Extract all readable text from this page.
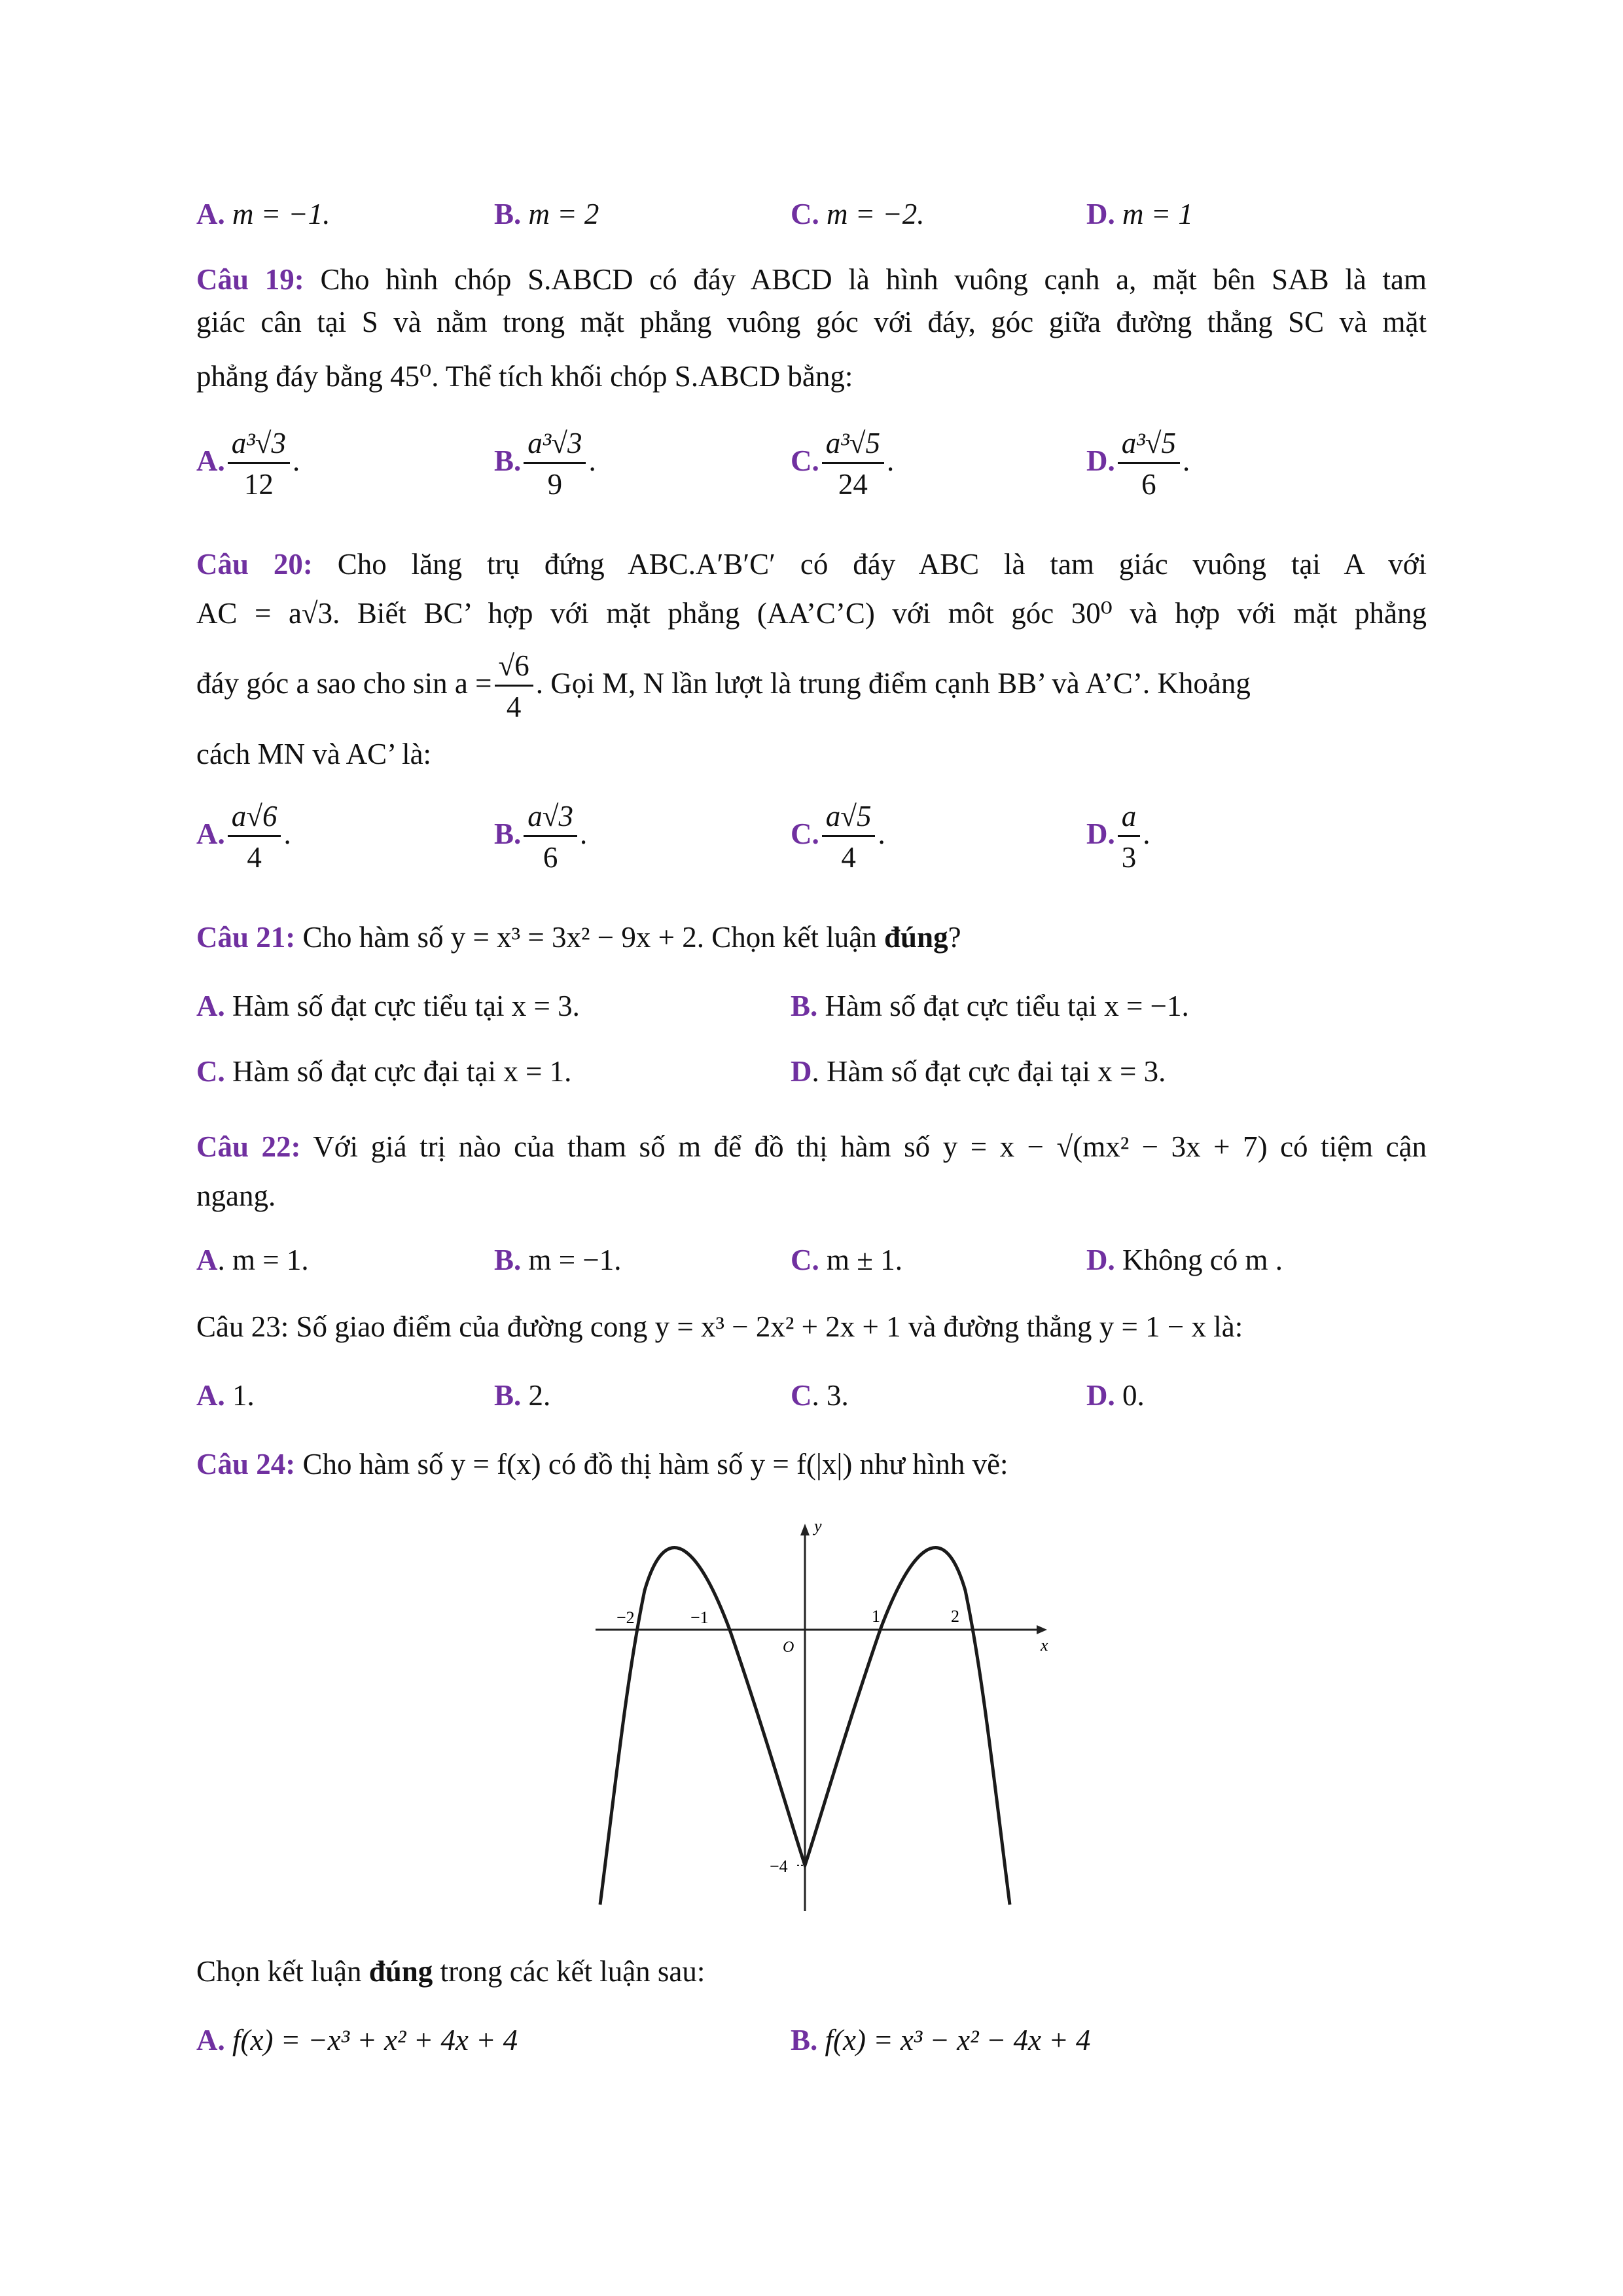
A. m = −1.	B. m = 2	C. m = −2.	D. m = 1
Câu 19: Cho hình chóp S.ABCD có đáy ABCD là hình vuông cạnh a, mặt bên SAB là tam
giác cân tại S và nằm trong mặt phẳng vuông góc với đáy, góc giữa đường thẳng SC và mặt
phẳng đáy bằng 45⁰. Thể tích khối chóp S.ABCD bằng:
A. $\frac{\text{a³√3}}{12}$ .	B. $\frac{\text{a³√3}}{9}$ .	C. $\frac{\text{a³√5}}{24}$ .	D. $\frac{\text{a³√5}}{6}$ .
Câu 20: Cho lăng trụ đứng ABC.A′B′C′ có đáy ABC là tam giác vuông tại A với
AC = a√3. Biết BC’ hợp với mặt phẳng (AA’C’C) với môt góc 30⁰ và hợp với mặt phẳng
đáy góc a sao cho $\sin a = \frac{√6}{4}$ . Gọi M, N lần lượt là trung điểm cạnh BB’ và A’C’. Khoảng
cách MN và AC’ là:
A. $\frac{a√6}{4}$ .	B. $\frac{a√3}{6}$ .	C. $\frac{a√5}{4}$ .	D. $\frac{a}{3}$ .
Câu 21: Cho hàm số y = x³ = 3x² − 9x + 2. Chọn kết luận đúng?
A. Hàm số đạt cực tiểu tại x = 3.	B. Hàm số đạt cực tiểu tại x = −1.
C. Hàm số đạt cực đại tại x = 1.	D. Hàm số đạt cực đại tại x = 3.
Câu 22: Với giá trị nào của tham số m để đồ thị hàm số y = x − √(mx² − 3x + 7) có tiệm cận
ngang.
A. m = 1.	B. m = −1.	C. m ± 1.	D. Không có m .
Câu 23: Số giao điểm của đường cong y = x³ − 2x² + 2x + 1 và đường thẳng y = 1 − x là:
A. 1.	B. 2.	C. 3.	D. 0.
Câu 24: Cho hàm số y = f(x) có đồ thị hàm số y = f(|x|) như hình vẽ:
y
x
O
−2	−1	1	2
−4
Chọn kết luận đúng trong các kết luận sau:
A. f(x) = −x³ + x² + 4x + 4	B. f(x) = x³ − x² − 4x + 4
